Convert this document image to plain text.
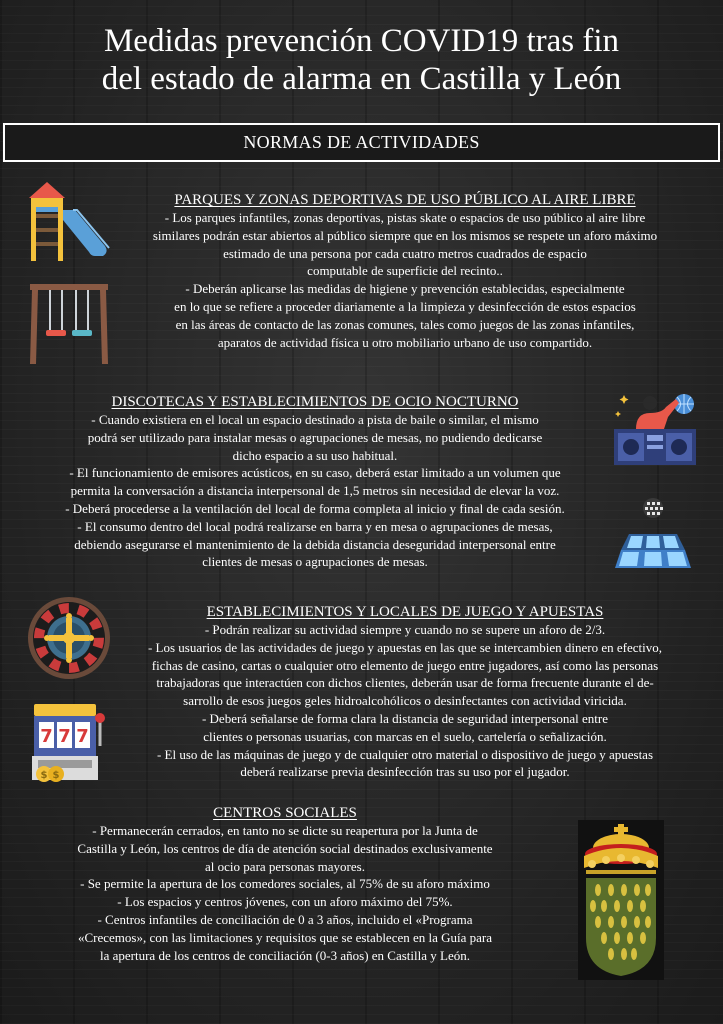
Medidas prevención COVID19 tras fin
del estado de alarma en Castilla y León
NORMAS DE ACTIVIDADES
PARQUES Y ZONAS DEPORTIVAS DE USO PÚBLICO AL AIRE LIBRE

- Los parques infantiles, zonas deportivas, pistas skate o espacios de uso público al aire libre

similares podrán estar abiertos al público siempre que en los mismos se respete un aforo máximo

estimado de una persona por cada cuatro metros cuadrados de espacio

computable de superficie del recinto..

- Deberán aplicarse las medidas de higiene y prevención establecidas, especialmente

en lo que se refiere a proceder diariamente a la limpieza y desinfección de estos espacios

en las áreas de contacto de las zonas comunes, tales como juegos de las zonas infantiles,

aparatos de actividad física u otro mobiliario urbano de uso compartido.

DISCOTECAS Y ESTABLECIMIENTOS DE OCIO NOCTURNO

- Cuando existiera en el local un espacio destinado a pista de baile o similar, el mismo

podrá ser utilizado para instalar mesas o agrupaciones de mesas, no pudiendo dedicarse

dicho espacio a su uso habitual.

- El funcionamiento de emisores acústicos, en su caso, deberá estar limitado a un volumen que

permita la conversación a distancia interpersonal de 1,5 metros sin necesidad de elevar la voz.

- Deberá procederse a la ventilación del local de forma completa al inicio y final de cada sesión.

- El consumo dentro del local podrá realizarse en barra y en mesa o agrupaciones de mesas,

debiendo asegurarse el mantenimiento de la debida distancia deseguridad interpersonal entre

clientes de mesas o agrupaciones de mesas.

ESTABLECIMIENTOS Y LOCALES DE JUEGO Y APUESTAS

- Podrán realizar su actividad siempre y cuando no se supere un aforo de 2/3.

- Los usuarios de las actividades de juego y apuestas en las que se intercambien dinero en efectivo,

fichas de casino, cartas o cualquier otro elemento de juego entre jugadores, así como las personas

trabajadoras que interactúen con dichos clientes, deberán usar de forma frecuente durante el de-

sarrollo de esos juegos geles hidroalcohólicos o desinfectantes con actividad viricida.

- Deberá señalarse de forma clara la distancia de seguridad interpersonal entre

clientes o personas usuarias, con marcas en el suelo, cartelería o señalización.

- El uso de las máquinas de juego y de cualquier otro material o dispositivo de juego y apuestas

deberá realizarse previa desinfección tras su uso por el jugador.

CENTROS SOCIALES

- Permanecerán cerrados, en tanto no se dicte su reapertura por la Junta de

Castilla y León, los centros de día de atención social destinados exclusivamente

al ocio para personas mayores.

- Se permite la apertura de los comedores sociales, al 75% de su aforo máximo

- Los espacios y centros jóvenes, con un aforo máximo del 75%.

- Centros infantiles de conciliación de 0 a 3 años, incluido el «Programa

«Crecemos», con las limitaciones y requisitos que se establecen en la Guía para

la apertura de los centros de conciliación (0-3 años) en Castilla y León.

7 7 7
$ $
